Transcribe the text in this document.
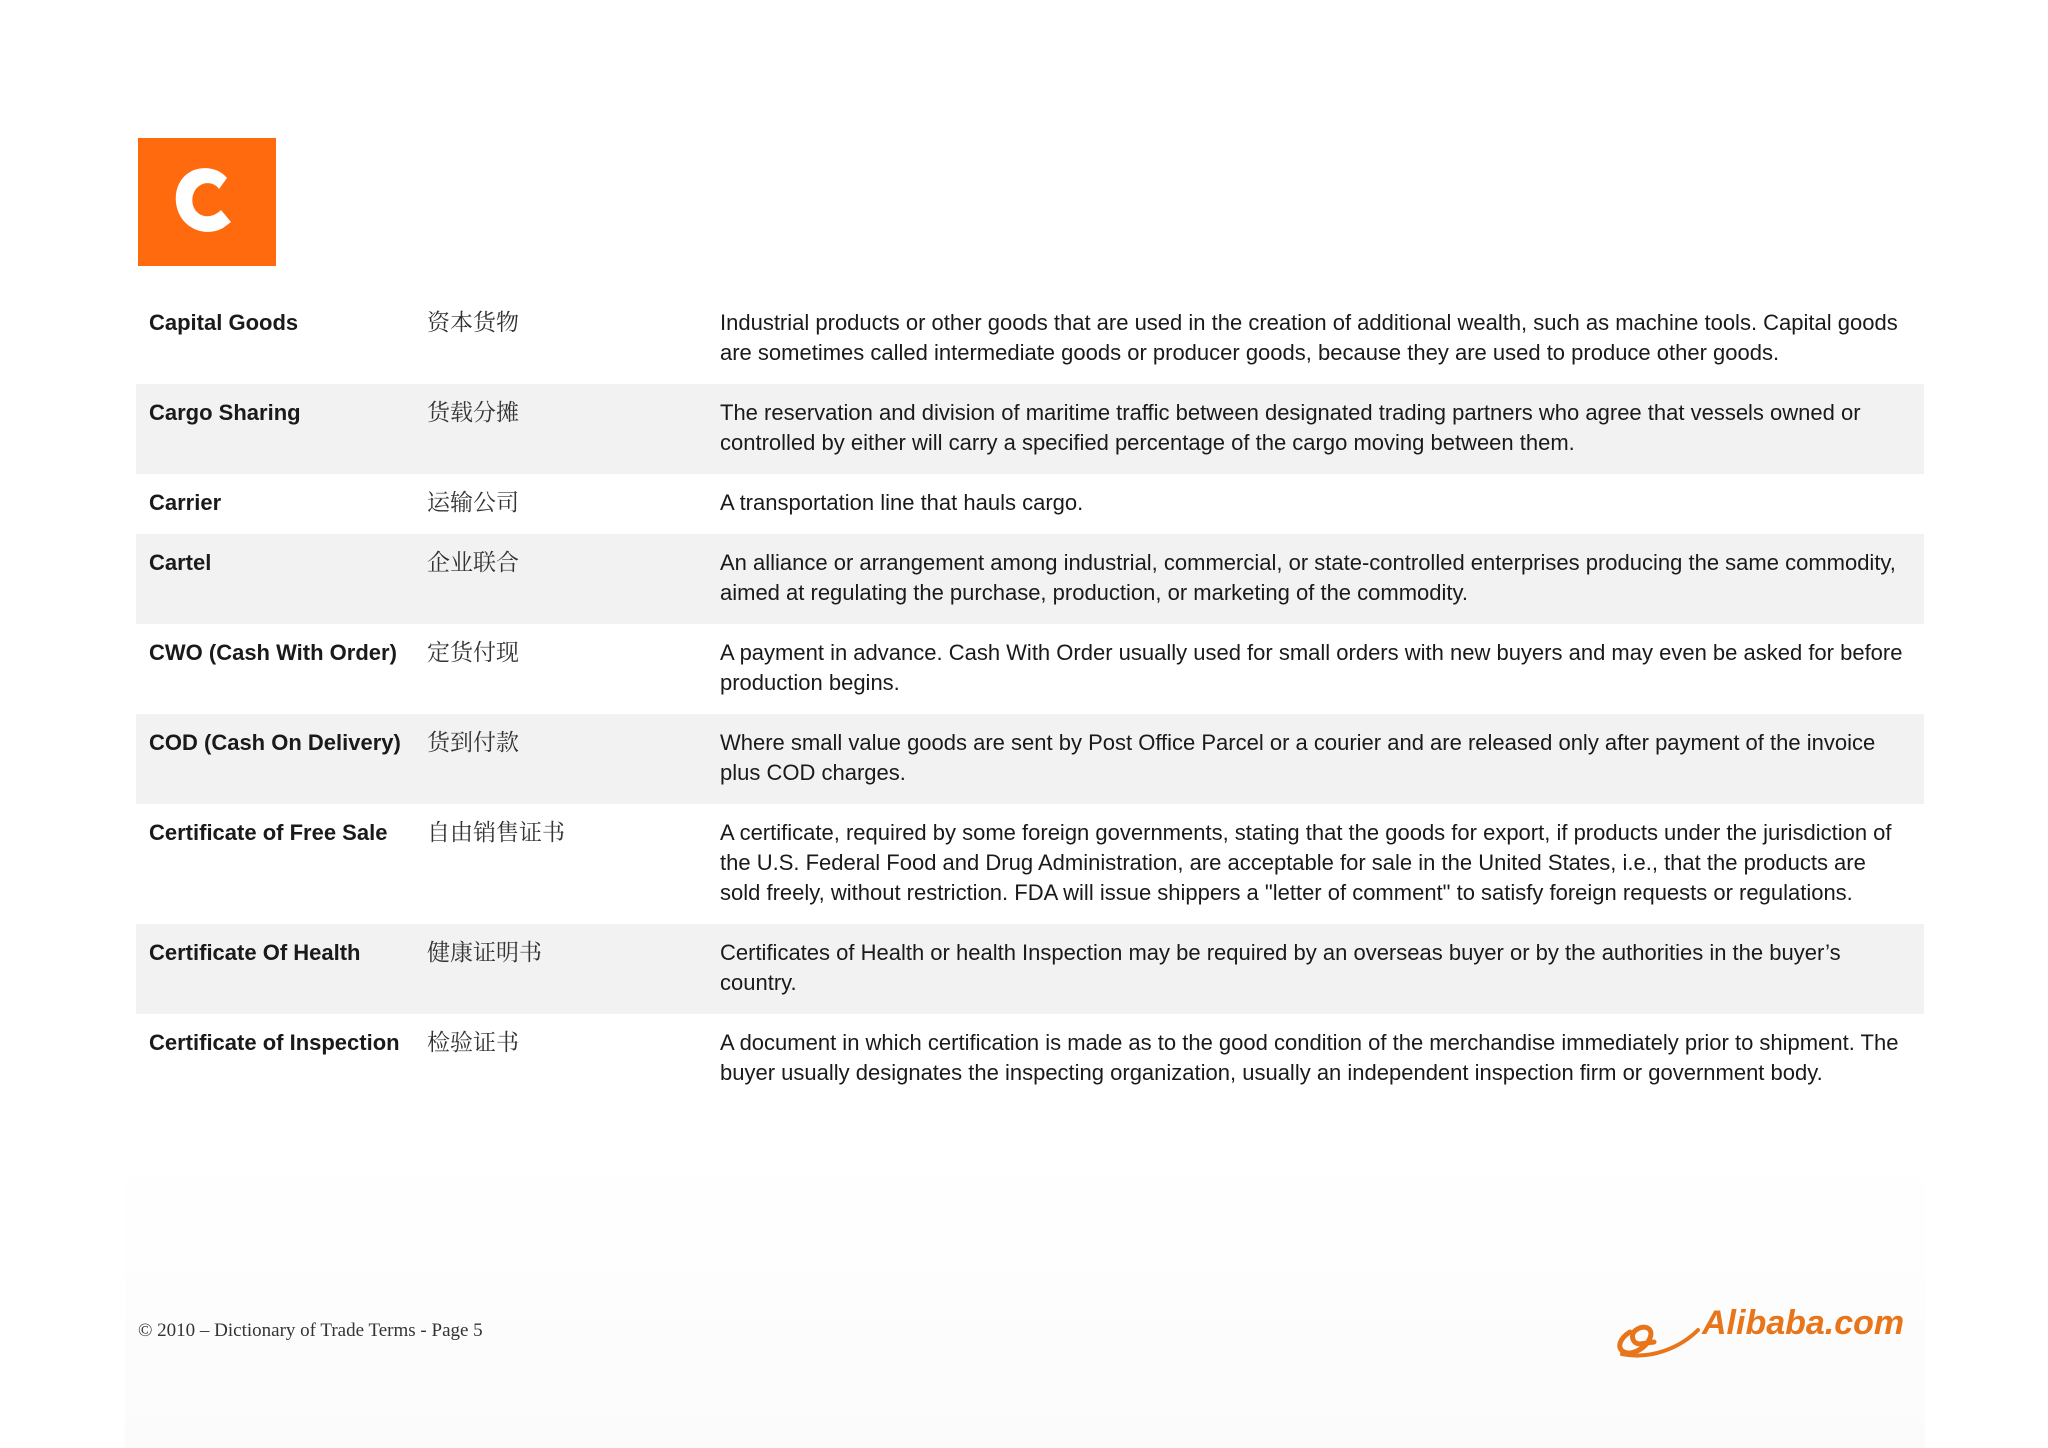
Capital Goods	资本货物	Industrial products or other goods that are used in the creation of additional wealth, such as machine tools. Capital goods are sometimes called intermediate goods or producer goods, because they are used to produce other goods.
Cargo Sharing	货载分摊	The reservation and division of maritime traffic between designated trading partners who agree that vessels owned or controlled by either will carry a specified percentage of the cargo moving between them.
Carrier	运输公司	A transportation line that hauls cargo.
Cartel	企业联合	An alliance or arrangement among industrial, commercial, or state-controlled enterprises producing the same commodity, aimed at regulating the purchase, production, or marketing of the commodity.
CWO (Cash With Order)	定货付现	A payment in advance. Cash With Order usually used for small orders with new buyers and may even be asked for before production begins.
COD (Cash On Delivery)	货到付款	Where small value goods are sent by Post Office Parcel or a courier and are released only after payment of the invoice plus COD charges.
Certificate of Free Sale	自由销售证书	A certificate, required by some foreign governments, stating that the goods for export, if products under the jurisdiction of the U.S. Federal Food and Drug Administration, are acceptable for sale in the United States, i.e., that the products are sold freely, without restriction. FDA will issue shippers a "letter of comment" to satisfy foreign requests or regulations.
Certificate Of Health	健康证明书	Certificates of Health or health Inspection may be required by an overseas buyer or by the authorities in the buyer’s country.
Certificate of Inspection	检验证书	A document in which certification is made as to the good condition of the merchandise immediately prior to shipment. The buyer usually designates the inspecting organization, usually an independent inspection firm or government body.
© 2010 – Dictionary of Trade Terms - Page 5	Alibaba.com
